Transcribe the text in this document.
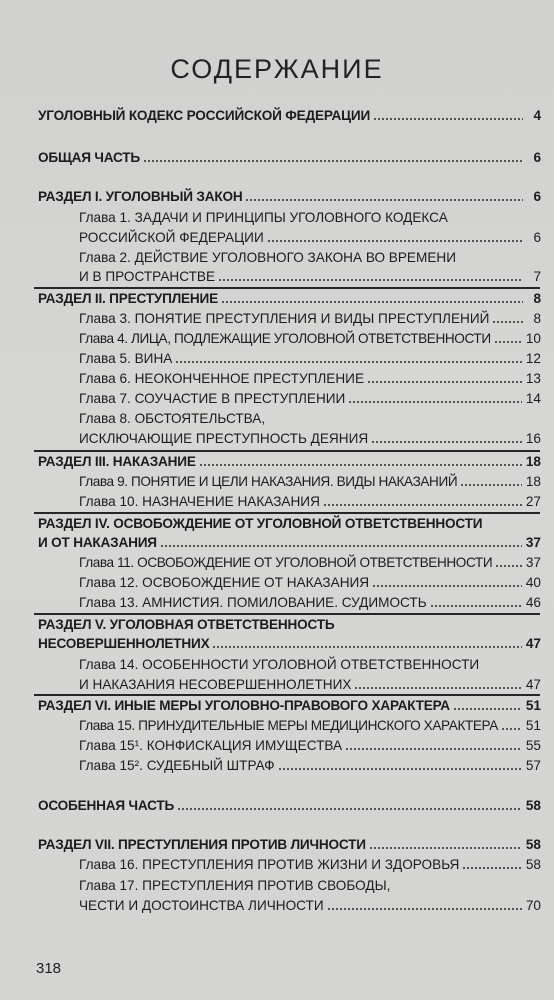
СОДЕРЖАНИЕ
УГОЛОВНЫЙ КОДЕКС РОССИЙСКОЙ ФЕДЕРАЦИИ	4
ОБЩАЯ ЧАСТЬ	6
РАЗДЕЛ I. УГОЛОВНЫЙ ЗАКОН	6
Глава 1. ЗАДАЧИ И ПРИНЦИПЫ УГОЛОВНОГО КОДЕКСА
РОССИЙСКОЙ ФЕДЕРАЦИИ	6
Глава 2. ДЕЙСТВИЕ УГОЛОВНОГО ЗАКОНА ВО ВРЕМЕНИ
И В ПРОСТРАНСТВЕ	7
РАЗДЕЛ II. ПРЕСТУПЛЕНИЕ	8
Глава 3. ПОНЯТИЕ ПРЕСТУПЛЕНИЯ И ВИДЫ ПРЕСТУПЛЕНИЙ	8
Глава 4. ЛИЦА, ПОДЛЕЖАЩИЕ УГОЛОВНОЙ ОТВЕТСТВЕННОСТИ	10
Глава 5. ВИНА	12
Глава 6. НЕОКОНЧЕННОЕ ПРЕСТУПЛЕНИЕ	13
Глава 7. СОУЧАСТИЕ В ПРЕСТУПЛЕНИИ	14
Глава 8. ОБСТОЯТЕЛЬСТВА,
ИСКЛЮЧАЮЩИЕ ПРЕСТУПНОСТЬ ДЕЯНИЯ	16
РАЗДЕЛ III. НАКАЗАНИЕ	18
Глава 9. ПОНЯТИЕ И ЦЕЛИ НАКАЗАНИЯ. ВИДЫ НАКАЗАНИЙ	18
Глава 10. НАЗНАЧЕНИЕ НАКАЗАНИЯ	27
РАЗДЕЛ IV. ОСВОБОЖДЕНИЕ ОТ УГОЛОВНОЙ ОТВЕТСТВЕННОСТИ
И ОТ НАКАЗАНИЯ	37
Глава 11. ОСВОБОЖДЕНИЕ ОТ УГОЛОВНОЙ ОТВЕТСТВЕННОСТИ 37
Глава 12. ОСВОБОЖДЕНИЕ ОТ НАКАЗАНИЯ	40
Глава 13. АМНИСТИЯ. ПОМИЛОВАНИЕ. СУДИМОСТЬ	46
РАЗДЕЛ V. УГОЛОВНАЯ ОТВЕТСТВЕННОСТЬ
НЕСОВЕРШЕННОЛЕТНИХ	47
Глава 14. ОСОБЕННОСТИ УГОЛОВНОЙ ОТВЕТСТВЕННОСТИ
И НАКАЗАНИЯ НЕСОВЕРШЕННОЛЕТНИХ	47
РАЗДЕЛ VI. ИНЫЕ МЕРЫ УГОЛОВНО-ПРАВОВОГО ХАРАКТЕРА	51
Глава 15. ПРИНУДИТЕЛЬНЫЕ МЕРЫ МЕДИЦИНСКОГО ХАРАКТЕРА 51
Глава 15¹. КОНФИСКАЦИЯ ИМУЩЕСТВА	55
Глава 15². СУДЕБНЫЙ ШТРАФ	57
ОСОБЕННАЯ ЧАСТЬ	58
РАЗДЕЛ VII. ПРЕСТУПЛЕНИЯ ПРОТИВ ЛИЧНОСТИ	58
Глава 16. ПРЕСТУПЛЕНИЯ ПРОТИВ ЖИЗНИ И ЗДОРОВЬЯ	58
Глава 17. ПРЕСТУПЛЕНИЯ ПРОТИВ СВОБОДЫ,
ЧЕСТИ И ДОСТОИНСТВА ЛИЧНОСТИ	70
318
